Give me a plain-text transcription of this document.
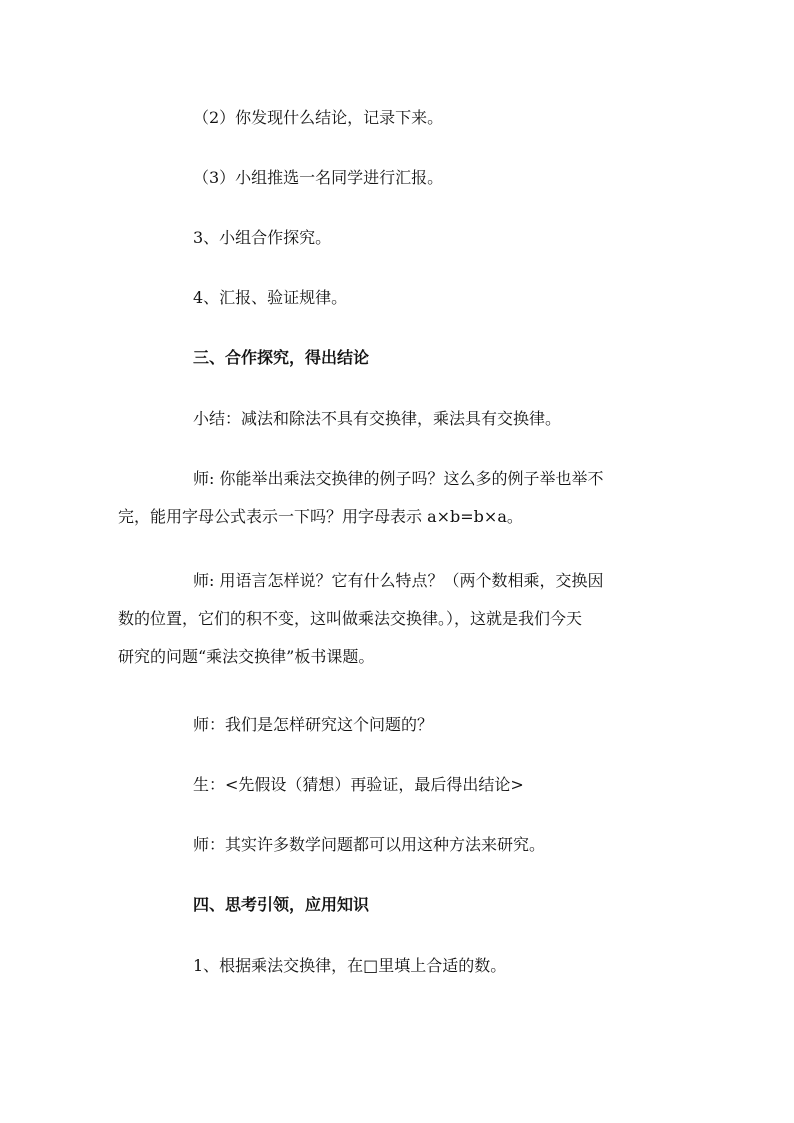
（2）你发现什么结论，记录下来。
（3）小组推选一名同学进行汇报。
3、小组合作探究。
4、汇报、验证规律。
三、合作探究，得出结论
小结：减法和除法不具有交换律，乘法具有交换律。
师: 你能举出乘法交换律的例子吗？这么多的例子举也举不
完，能用字母公式表示一下吗？用字母表示 a×b=b×a。
师: 用语言怎样说？它有什么特点？（两个数相乘，交换因
数的位置，它们的积不变，这叫做乘法交换律。），这就是我们今天
研究的问题“乘法交换律”板书课题。
师：我们是怎样研究这个问题的？
生：<先假设（猜想）再验证，最后得出结论>
师：其实许多数学问题都可以用这种方法来研究。
四、思考引领，应用知识
1、根据乘法交换律，在□里填上合适的数。
